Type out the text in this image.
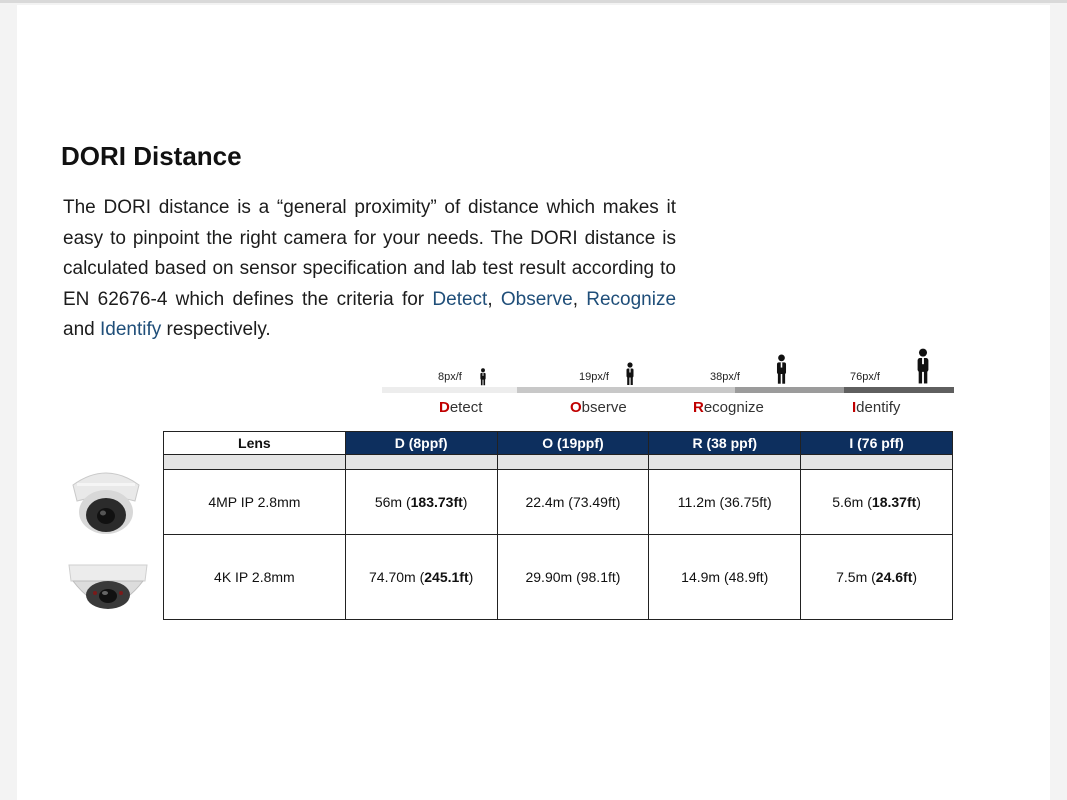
DORI Distance

The DORI distance is a “general proximity” of distance which makes it easy to pinpoint the right camera for your needs. The DORI distance is calculated based on sensor specification and lab test result according to EN 62676-4 which defines the criteria for Detect, Observe, Recognize and Identify respectively.

8px/f	19px/f	38px/f	76px/f
Detect	Observe	Recognize	Identify
Lens	D (8ppf)	O (19ppf)	R (38 ppf)	I (76 pff)

4MP IP 2.8mm	56m (183.73ft)	22.4m (73.49ft)	11.2m (36.75ft)	5.6m (18.37ft)
4K IP 2.8mm	74.70m (245.1ft)	29.90m (98.1ft)	14.9m (48.9ft)	7.5m (24.6ft)
